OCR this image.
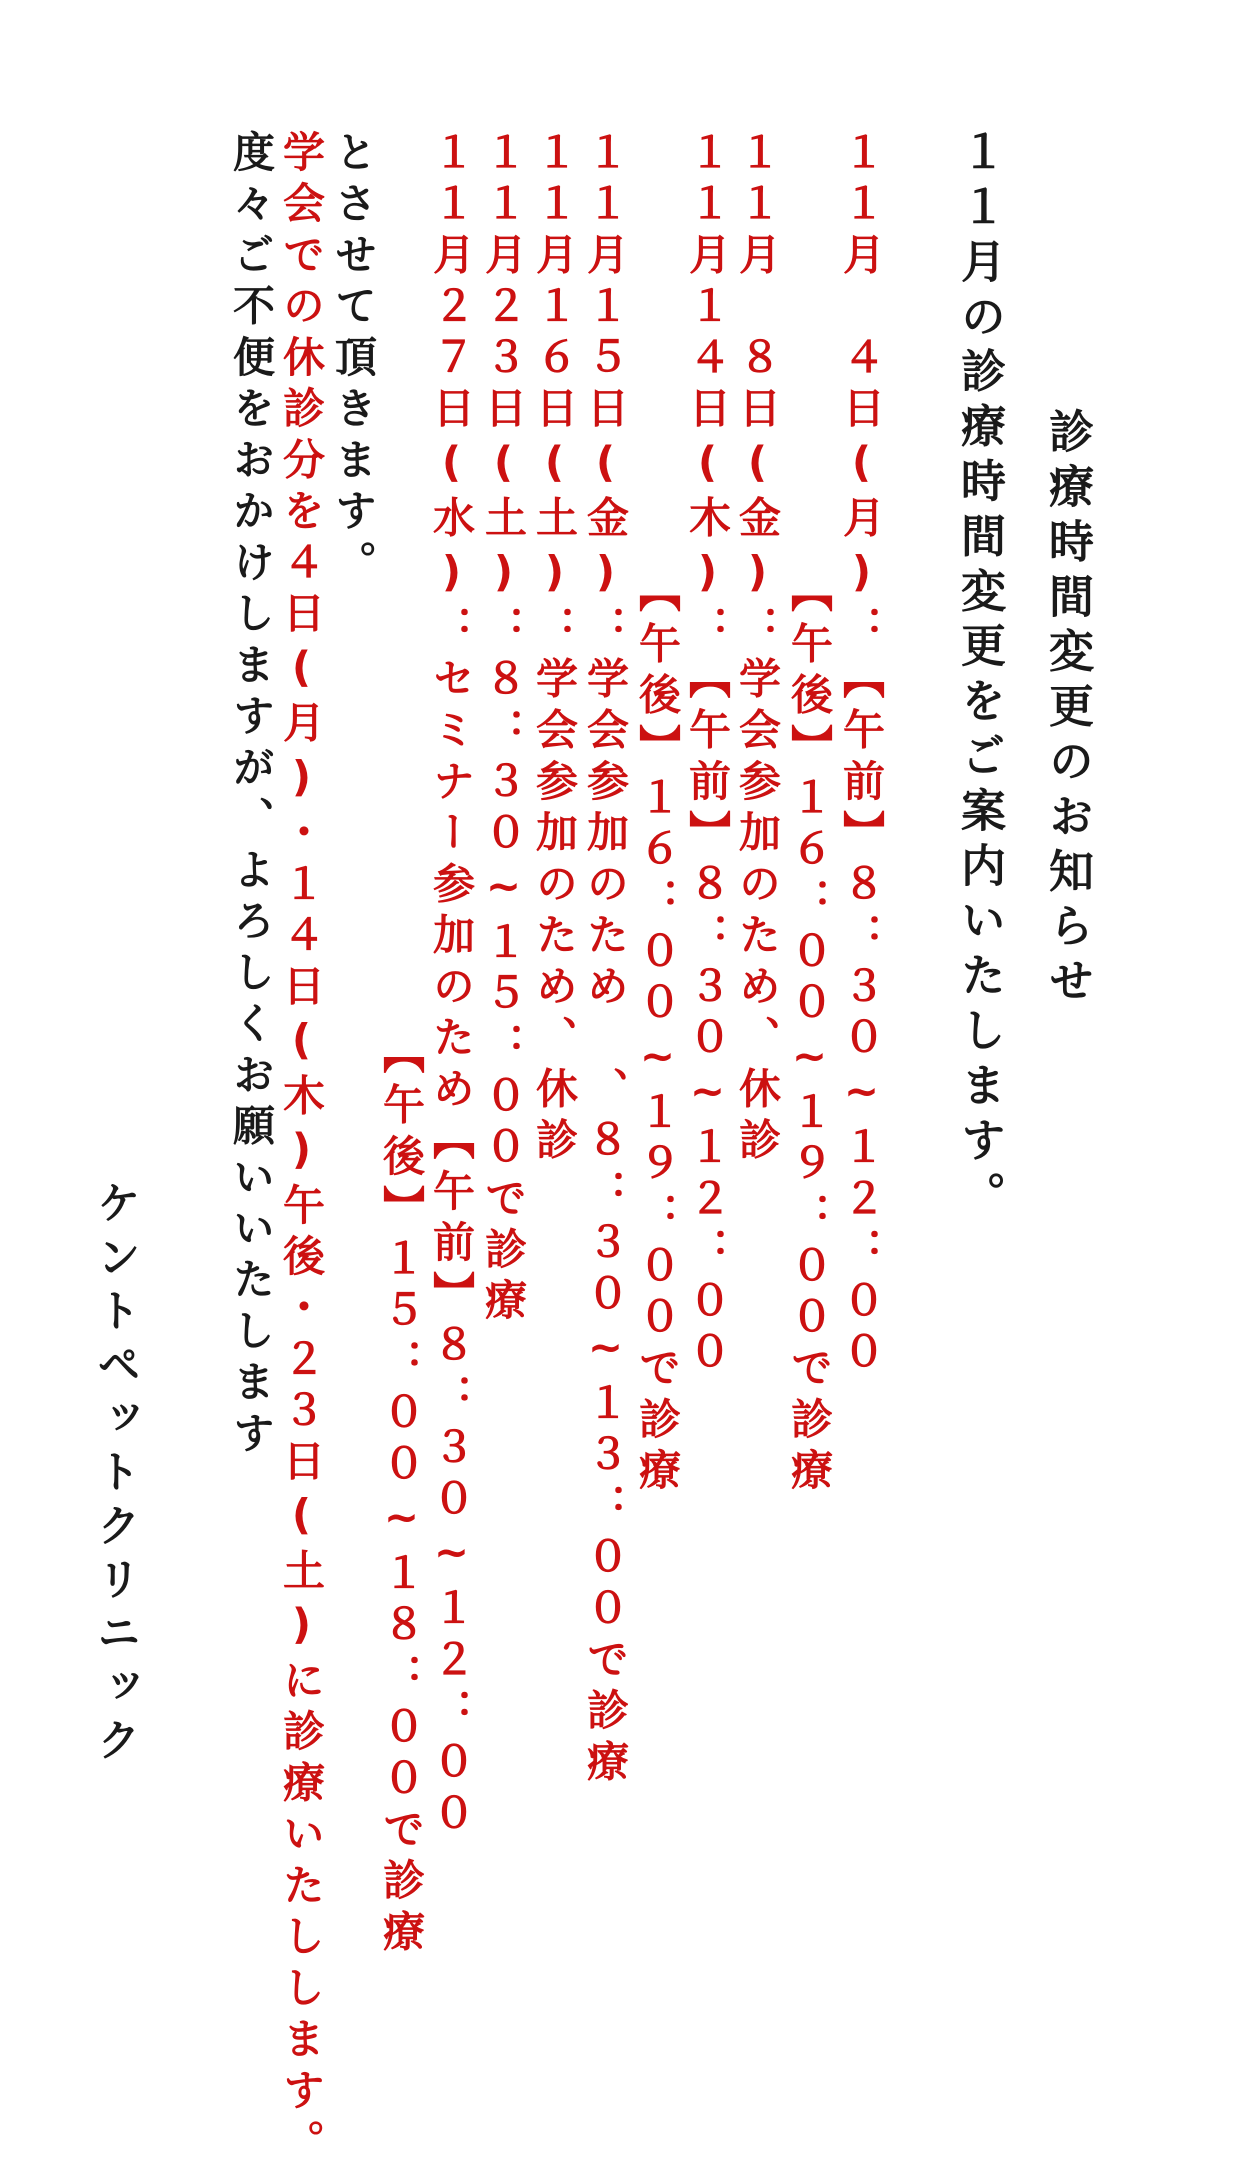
診療時間変更のお知らせ
１１月の診療時間変更をご案内いたします。
１１月　４日(月)：【午前】８：３０~１２：００
　　　　　　　　　【午後】１６：００~１９：００で診療
１１月　８日(金)：学会参加のため、休診
１１月１４日(木)：【午前】８：３０~１２：００
　　　　　　　　　【午後】１６：００~１９：００で診療
１１月１５日(金)：学会参加のため　、８：３０~１３：００で診療
１１月１６日(土)：学会参加のため、休診
１１月２３日(土)：８：３０~１５：００で診療
１１月２７日(水)：セミナー参加のため【午前】８：３０~１２：００
　　　　　　　　　　　　　　　　　　【午後】１５：００~１８：００で診療
とさせて頂きます。
学会での休診分を４日(月)・１４日(木)午後・２３日(土)に診療いたしします。
度々ご不便をおかけしますが、よろしくお願いいたします
ケントペットクリニック
